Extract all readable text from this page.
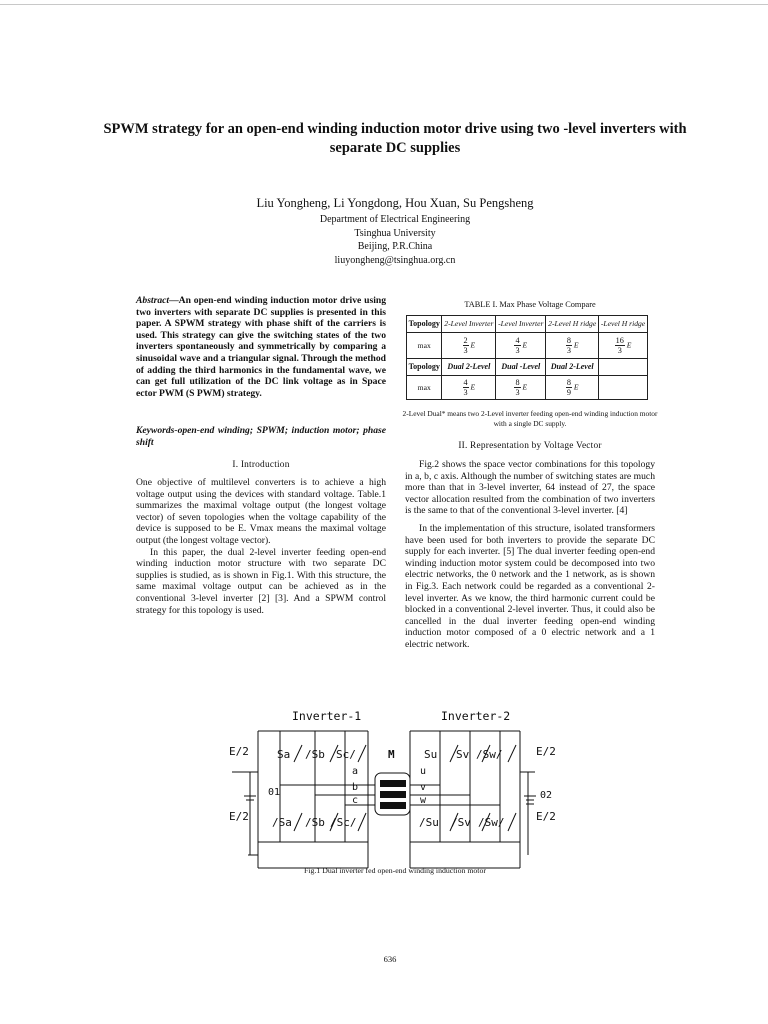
SPWM strategy for an open-end winding induction motor drive using two -level inverters with separate DC supplies
Liu Yongheng, Li Yongdong, Hou Xuan, Su Pengsheng
Department of Electrical Engineering
Tsinghua University
Beijing, P.R.China
liuyongheng@tsinghua.org.cn
Abstract—An open-end winding induction motor drive using two inverters with separate DC supplies is presented in this paper. A SPWM strategy with phase shift of the carriers is used. This strategy can give the switching states of the two inverters spontaneously and symmetrically by comparing a sinusoidal wave and a triangular signal. Through the method of adding the third harmonics in the fundamental wave, we can get full utilization of the DC link voltage as in Space ector PWM (S PWM) strategy.
Keywords-open-end winding; SPWM; induction motor; phase shift
I. Introduction

One objective of multilevel converters is to achieve a high voltage output using the devices with standard voltage. Table.1 summarizes the maximal voltage output (the longest voltage vector) of seven topologies when the voltage capability of the device is supposed to be E. Vmax means the maximal voltage output (the longest voltage vector).

In this paper, the dual 2-level inverter feeding open-end winding induction motor structure with two separate DC supplies is studied, as is shown in Fig.1. With this structure, the same maximal voltage output can be achieved as in the conventional 3-level inverter [2] [3]. And a SPWM control strategy for this topology is used.

TABLE I. Max Phase Voltage Compare
Topology	2-Level Inverter	-Level Inverter	2-Level H ridge	-Level H ridge
max	$\frac{2}{3}$ E	$\frac{4}{3}$ E	$\frac{8}{3}$ E	$\frac{16}{3}$ E
Topology	Dual 2-Level	Dual -Level	Dual 2-Level	
max	$\frac{4}{3}$ E	$\frac{8}{3}$ E	$\frac{8}{9}$ E	
2-Level Dual* means two 2-Level inverter feeding open-end winding induction motor with a single DC supply.
II. Representation by Voltage Vector

Fig.2 shows the space vector combinations for this topology in a, b, c axis. Although the number of switching states are much more than that in 3-level inverter, 64 instead of 27, the space vector allocation resulted from the combination of two inverters is the same to that of the conventional 3-level inverter. [4]

In the implementation of this structure, isolated transformers have been used for both inverters to provide the separate DC supply for each inverter. [5] The dual inverter feeding open-end winding induction motor system could be decomposed into two electric networks, the 0 network and the 1 network, as is shown in Fig.3. Each network could be regarded as a conventional 2-level inverter. As we know, the third harmonic current could be blocked in a conventional 2-level inverter. Thus, it could also be cancelled in the dual inverter feeding open-end winding induction motor composed of a 0 electric network and a 1 electric network.

Inverter-1	Inverter-2
E/2
E/2
E/2
E/2
Sa /Sb Sc/
/Sa /Sb /Sc/
Su Sv /Sw/
/Su /Sv /Sw/
M
a
b
c
u
v
w
01	02
Fig.1 Dual inverter fed open-end winding induction motor
636
